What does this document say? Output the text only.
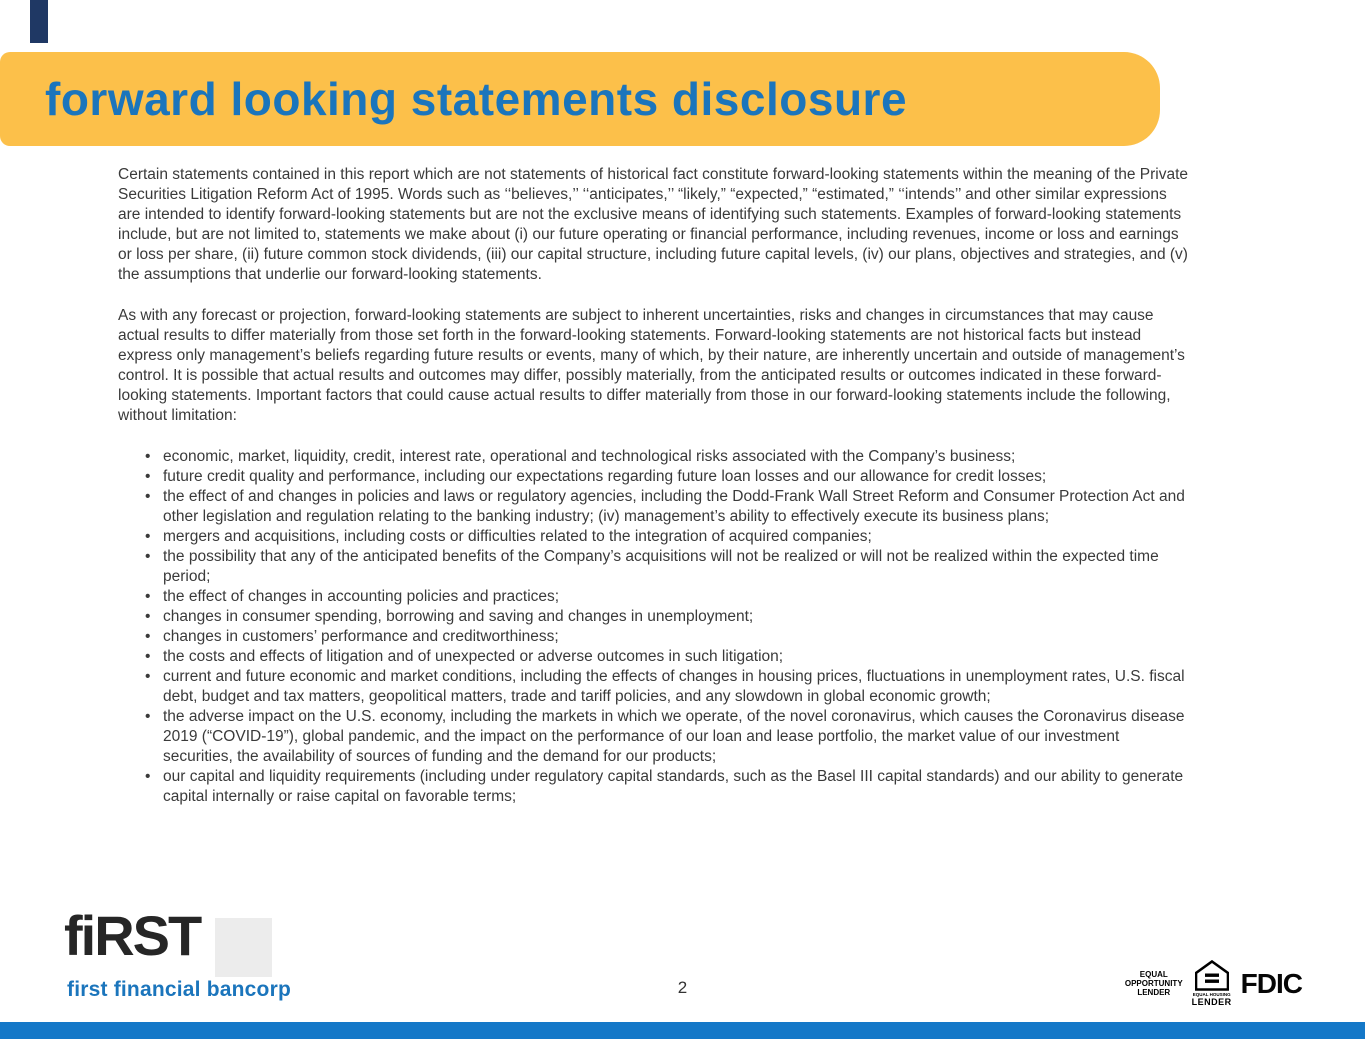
forward looking statements disclosure

Certain statements contained in this report which are not statements of historical fact constitute forward-looking statements within the meaning of the Private Securities Litigation Reform Act of 1995. Words such as ‘‘believes,’’ ‘‘anticipates,’’ “likely,” “expected,” “estimated,” ‘‘intends’’ and other similar expressions are intended to identify forward-looking statements but are not the exclusive means of identifying such statements. Examples of forward-looking statements include, but are not limited to, statements we make about (i) our future operating or financial performance, including revenues, income or loss and earnings or loss per share, (ii) future common stock dividends, (iii) our capital structure, including future capital levels, (iv) our plans, objectives and strategies, and (v) the assumptions that underlie our forward-looking statements.

As with any forecast or projection, forward-looking statements are subject to inherent uncertainties, risks and changes in circumstances that may cause actual results to differ materially from those set forth in the forward-looking statements. Forward-looking statements are not historical facts but instead express only management’s beliefs regarding future results or events, many of which, by their nature, are inherently uncertain and outside of management’s control. It is possible that actual results and outcomes may differ, possibly materially, from the anticipated results or outcomes indicated in these forward-looking statements. Important factors that could cause actual results to differ materially from those in our forward-looking statements include the following, without limitation:

• economic, market, liquidity, credit, interest rate, operational and technological risks associated with the Company’s business;
• future credit quality and performance, including our expectations regarding future loan losses and our allowance for credit losses;
• the effect of and changes in policies and laws or regulatory agencies, including the Dodd-Frank Wall Street Reform and Consumer Protection Act and other legislation and regulation relating to the banking industry; (iv) management’s ability to effectively execute its business plans;
• mergers and acquisitions, including costs or difficulties related to the integration of acquired companies;
• the possibility that any of the anticipated benefits of the Company’s acquisitions will not be realized or will not be realized within the expected time period;
• the effect of changes in accounting policies and practices;
• changes in consumer spending, borrowing and saving and changes in unemployment;
• changes in customers’ performance and creditworthiness;
• the costs and effects of litigation and of unexpected or adverse outcomes in such litigation;
• current and future economic and market conditions, including the effects of changes in housing prices, fluctuations in unemployment rates, U.S. fiscal debt, budget and tax matters, geopolitical matters, trade and tariff policies, and any slowdown in global economic growth;
• the adverse impact on the U.S. economy, including the markets in which we operate, of the novel coronavirus, which causes the Coronavirus disease 2019 (“COVID-19”), global pandemic, and the impact on the performance of our loan and lease portfolio, the market value of our investment securities, the availability of sources of funding and the demand for our products;
• our capital and liquidity requirements (including under regulatory capital standards, such as the Basel III capital standards) and our ability to generate capital internally or raise capital on favorable terms;
fiRST
first financial bancorp	2
EQUAL
OPPORTUNITY
LENDER	EQUAL HOUSING
LENDER
FDIC
